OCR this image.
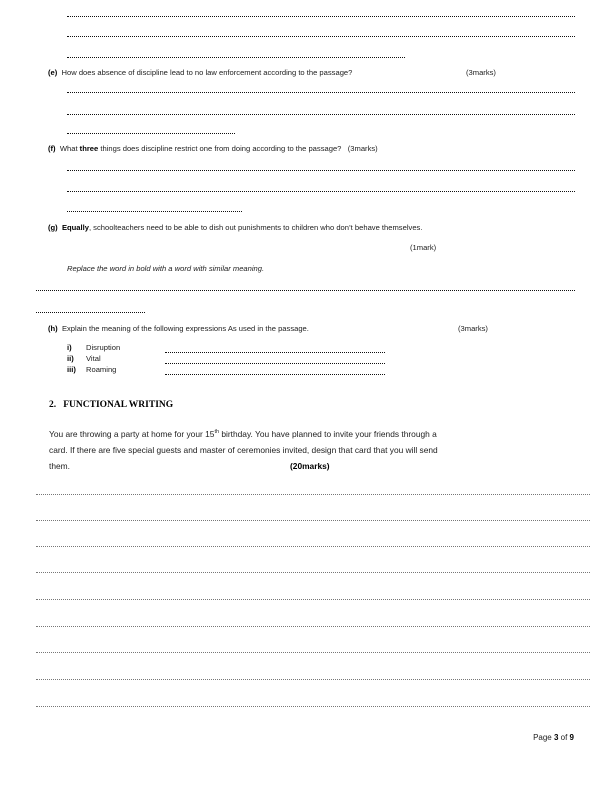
(e) How does absence of discipline lead to no law enforcement according to the passage?	(3marks)
(f) What three things does discipline restrict one from doing according to the passage? (3marks)
(g) Equally, schoolteachers need to be able to dish out punishments to children who don’t behave themselves.
(1mark)
Replace the word in bold with a word with similar meaning.
(h) Explain the meaning of the following expressions As used in the passage.	(3marks)
i) Disruption
ii) Vital
iii) Roaming
2.   FUNCTIONAL WRITING
You are throwing a party at home for your 15th birthday. You have planned to invite your friends through a
card. If there are five special guests and master of ceremonies invited, design that card that you will send
them.	(20marks)
Page 3 of 9
